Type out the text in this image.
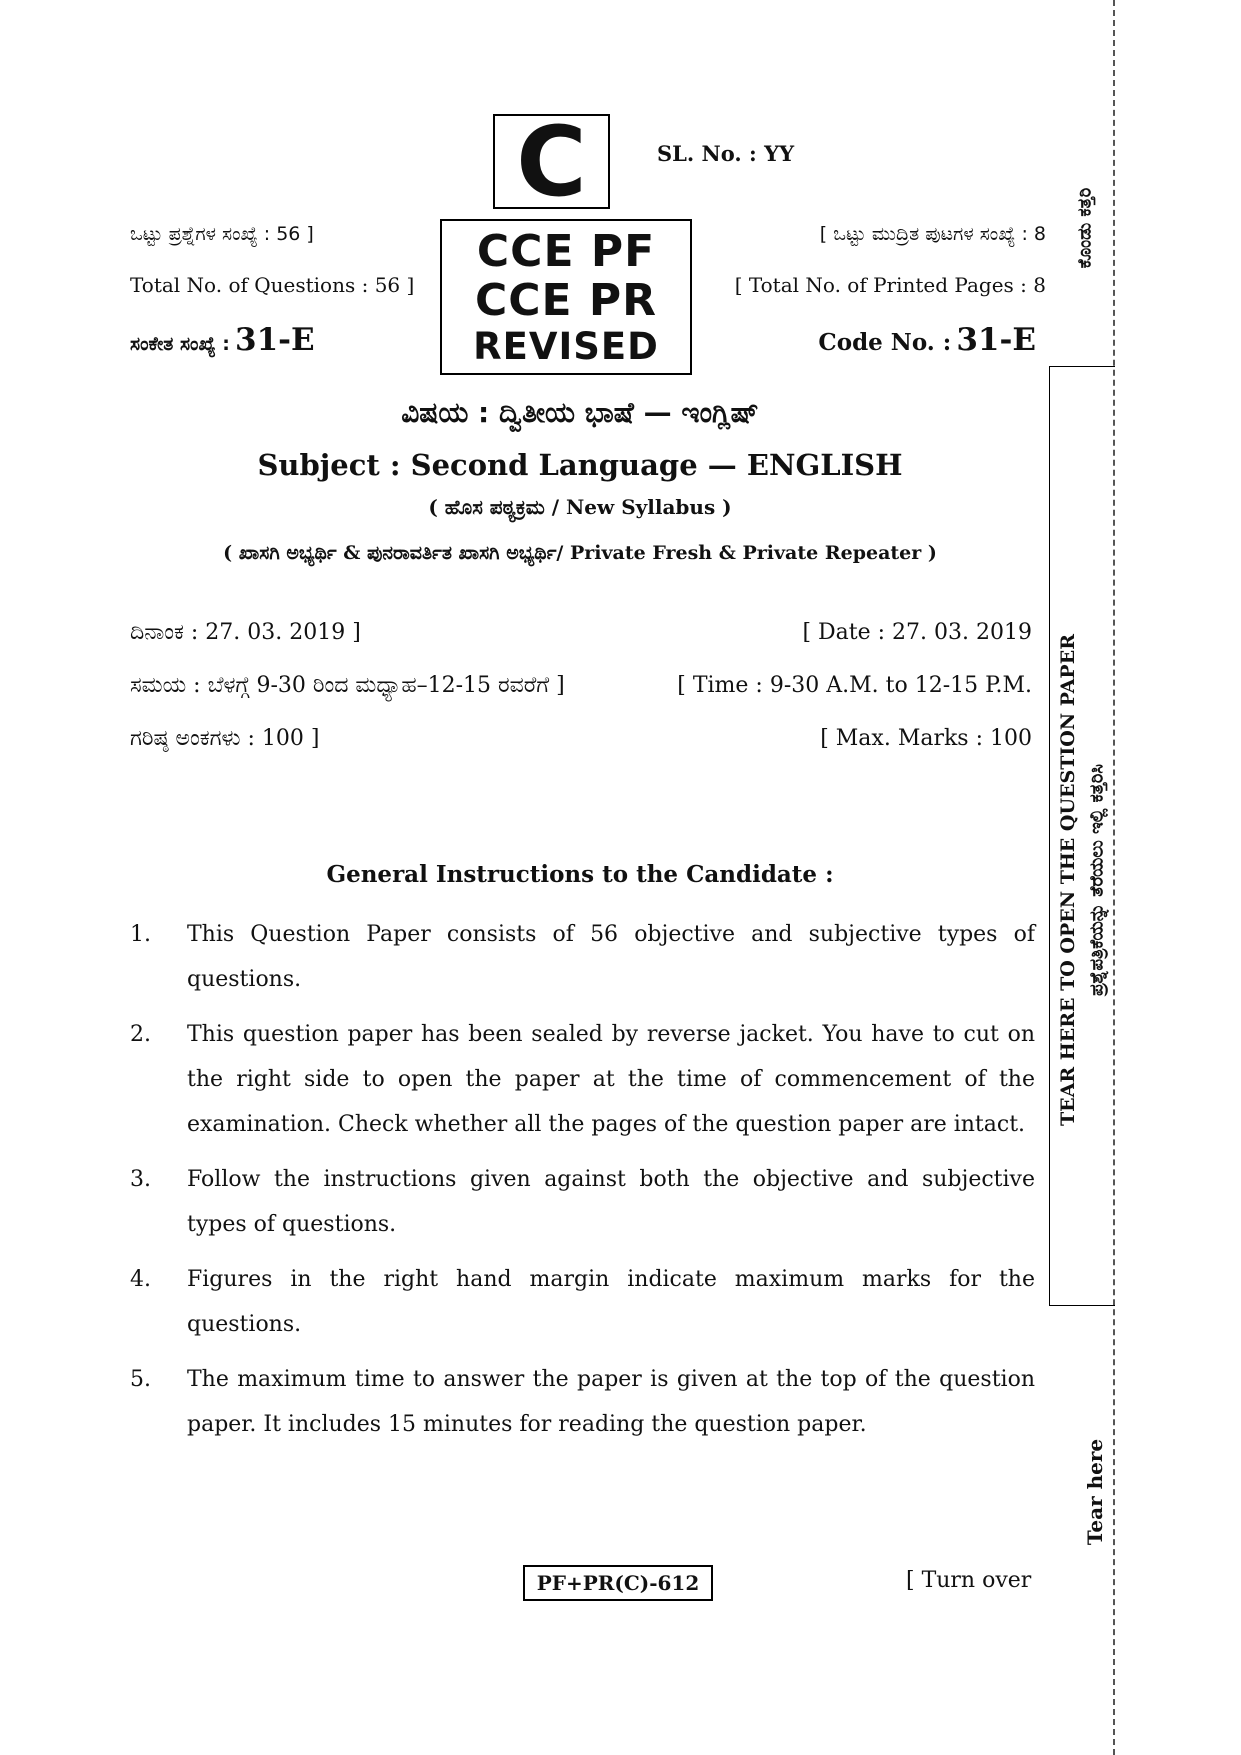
C	SL. No. : YY
CCE PF
CCE PR
REVISED
ಒಟ್ಟು ಪ್ರಶ್ನೆಗಳ ಸಂಖ್ಯೆ : 56 ]
Total No. of Questions : 56 ]
[ ಒಟ್ಟು ಮುದ್ರಿತ ಪುಟಗಳ ಸಂಖ್ಯೆ : 8
[ Total No. of Printed Pages : 8
ಸಂಕೇತ ಸಂಖ್ಯೆ : 31-E	Code No. : 31-E
ವಿಷಯ : ದ್ವಿತೀಯ ಭಾಷೆ — ಇಂಗ್ಲಿಷ್
Subject : Second Language — ENGLISH
( ಹೊಸ ಪಠ್ಯಕ್ರಮ / New Syllabus )
( ಖಾಸಗಿ ಅಭ್ಯರ್ಥಿ & ಪುನರಾವರ್ತಿತ ಖಾಸಗಿ ಅಭ್ಯರ್ಥಿ/ Private Fresh & Private Repeater )
ದಿನಾಂಕ : 27. 03. 2019 ]	[ Date : 27. 03. 2019
ಸಮಯ : ಬೆಳಗ್ಗೆ 9-30 ರಿಂದ ಮಧ್ಯಾಹ–12-15 ರವರೆಗೆ ]	[ Time : 9-30 A.M. to 12-15 P.M.
ಗರಿಷ್ಠ ಅಂಕಗಳು : 100 ]	[ Max. Marks : 100
General Instructions to the Candidate :
1.	This Question Paper consists of 56 objective and subjective types of questions.
2.	This question paper has been sealed by reverse jacket. You have to cut on the right side to open the paper at the time of commencement of the examination. Check whether all the pages of the question paper are intact.
3.	Follow the instructions given against both the objective and subjective types of questions.
4.	Figures in the right hand margin indicate maximum marks for the questions.
5.	The maximum time to answer the paper is given at the top of the question paper. It includes 15 minutes for reading the question paper.
PF+PR(C)-612	[ Turn over
ಕೊಂಡು ಕತ್ತರಿ
TEAR HERE TO OPEN THE QUESTION PAPER ಪ್ರಶ್ನೆಪತ್ರಿಕೆಯನ್ನು ತೆರೆಯಲು ಇಲ್ಲಿ ಕತ್ತರಿಸಿ
Tear here
